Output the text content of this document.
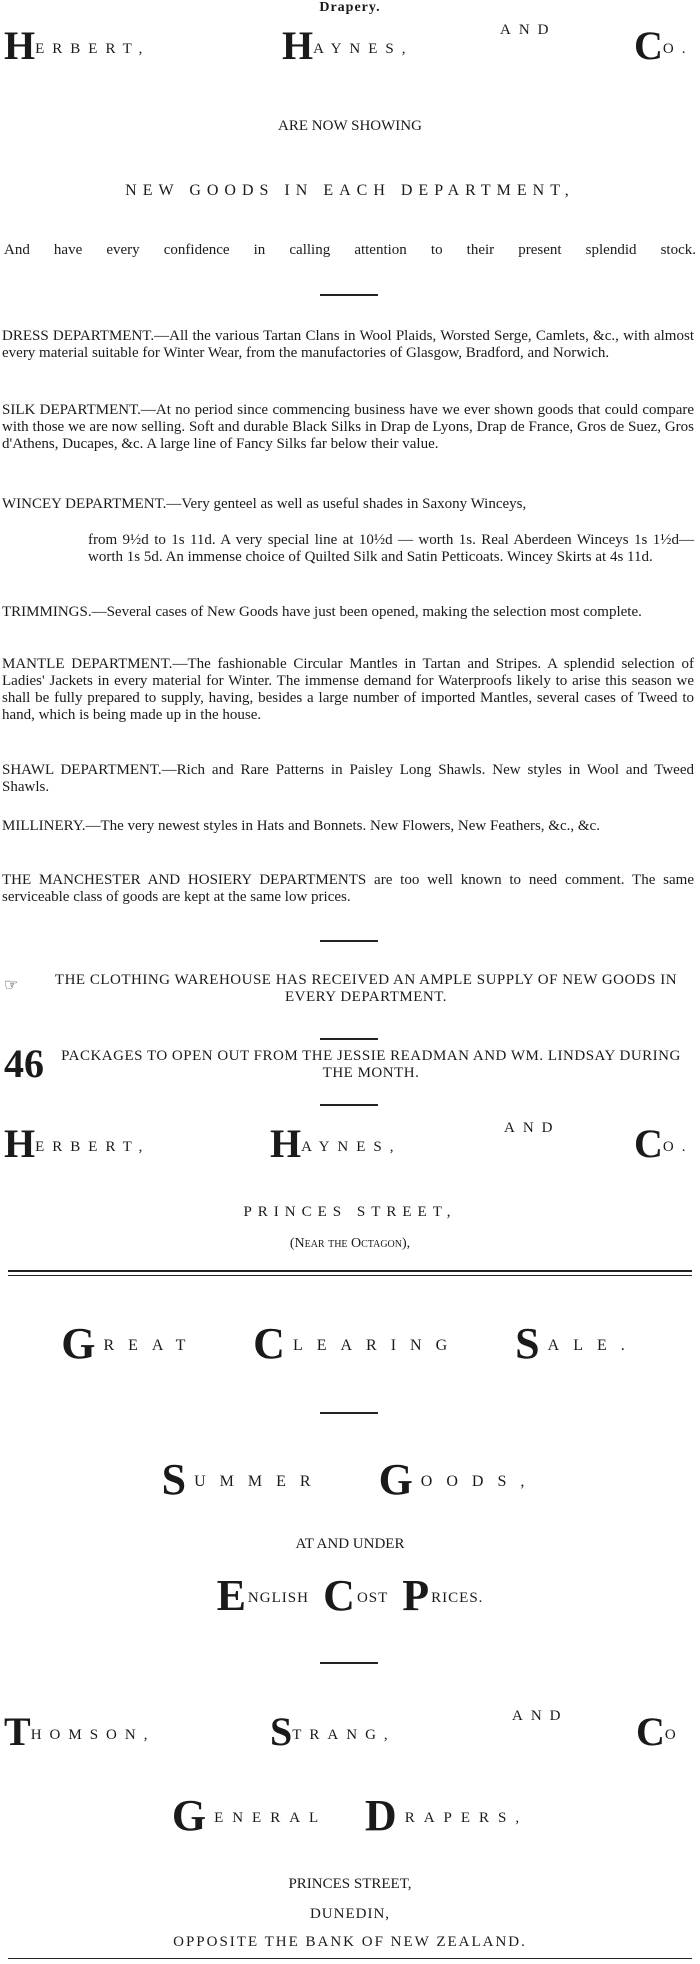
Drapery.
HERBERT,	HAYNES,
AND CO.
ARE NOW SHOWING
NEW GOODS IN EACH DEPARTMENT,
And have every confidence in calling attention to their present splendid stock.
DRESS DEPARTMENT.—All the various Tartan Clans in Wool Plaids, Worsted Serge, Camlets, &c., with almost every material suitable for Winter Wear, from the manufactories of Glasgow, Bradford, and Norwich.
SILK DEPARTMENT.—At no period since commencing business have we ever shown goods that could compare with those we are now selling. Soft and durable Black Silks in Drap de Lyons, Drap de France, Gros de Suez, Gros d'Athens, Ducapes, &c. A large line of Fancy Silks far below their value.
WINCEY DEPARTMENT.—Very genteel as well as useful shades in Saxony Winceys,
from 9½d to 1s 11d. A very special line at 10½d — worth 1s. Real Aberdeen Winceys 1s 1½d—worth 1s 5d. An immense choice of Quilted Silk and Satin Petticoats. Wincey Skirts at 4s 11d.
TRIMMINGS.—Several cases of New Goods have just been opened, making the selection most complete.
MANTLE DEPARTMENT.—The fashionable Circular Mantles in Tartan and Stripes. A splendid selection of Ladies' Jackets in every material for Winter. The immense demand for Waterproofs likely to arise this season we shall be fully prepared to supply, having, besides a large number of imported Mantles, several cases of Tweed to hand, which is being made up in the house.
SHAWL DEPARTMENT.—Rich and Rare Patterns in Paisley Long Shawls. New styles in Wool and Tweed Shawls.
MILLINERY.—The very newest styles in Hats and Bonnets. New Flowers, New Feathers, &c., &c.
THE MANCHESTER AND HOSIERY DEPARTMENTS are too well known to need comment. The same serviceable class of goods are kept at the same low prices.
☞	THE CLOTHING WAREHOUSE HAS RECEIVED AN AMPLE SUPPLY OF NEW GOODS IN EVERY DEPARTMENT.
46	PACKAGES TO OPEN OUT FROM THE JESSIE READMAN AND WM. LINDSAY DURING THE MONTH.
HERBERT,	HAYNES,
AND CO.
PRINCES STREET,
(Near the Octagon),
GREAT C LEARING S ALE.
SUMMER G OODS,
AT AND UNDER
ENGLISH C OST P RICES.
THOMSON,	STRANG,
AND CO
GENERAL D RAPERS,
PRINCES STREET,
DUNEDIN,
OPPOSITE THE BANK OF NEW ZEALAND.
